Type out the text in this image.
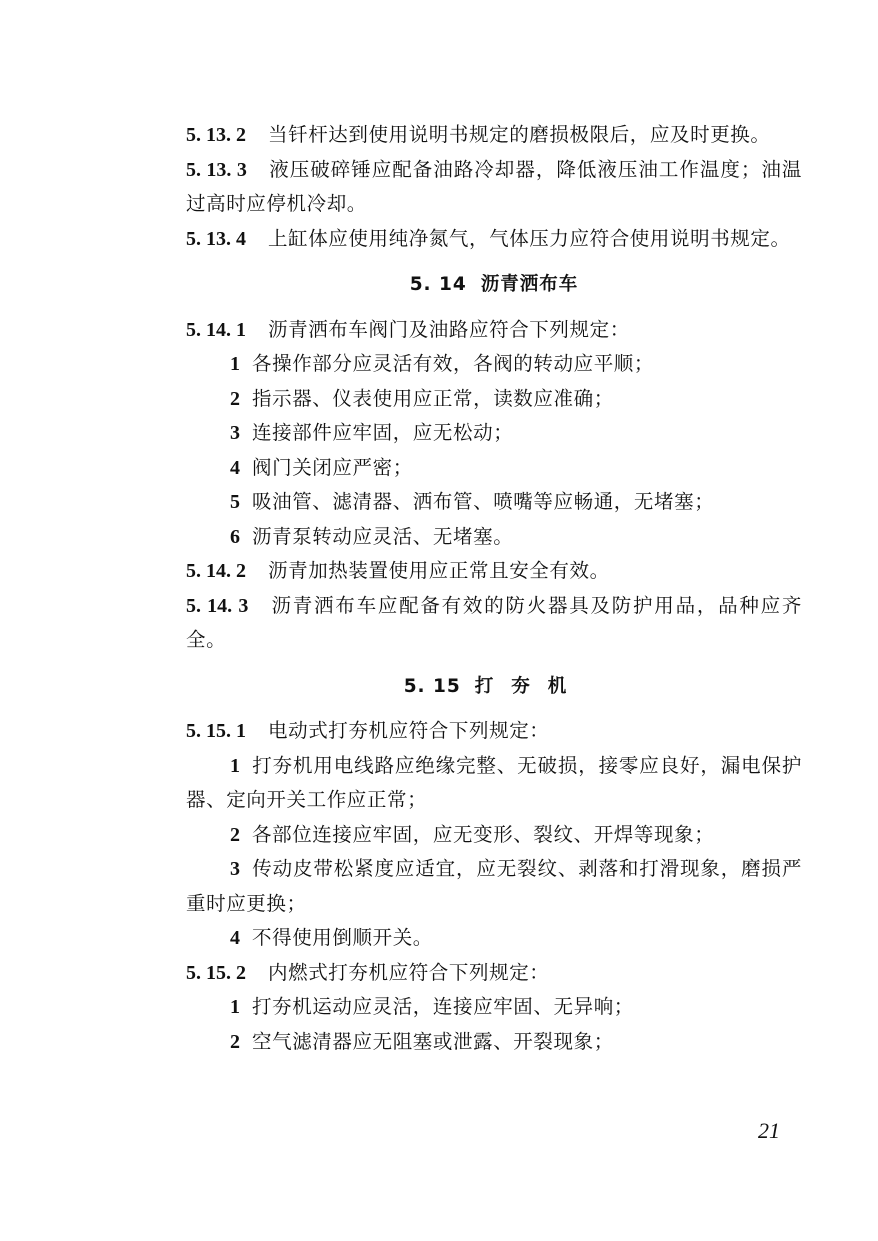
5. 13. 2 当钎杆达到使用说明书规定的磨损极限后，应及时更换。

5. 13. 3 液压破碎锤应配备油路冷却器，降低液压油工作温度；油温过高时应停机冷却。

5. 13. 4 上缸体应使用纯净氮气，气体压力应符合使用说明书规定。

5. 14 沥青洒布车

5. 14. 1 沥青洒布车阀门及油路应符合下列规定：

1 各操作部分应灵活有效，各阀的转动应平顺；

2 指示器、仪表使用应正常，读数应准确；

3 连接部件应牢固，应无松动；

4 阀门关闭应严密；

5 吸油管、滤清器、洒布管、喷嘴等应畅通，无堵塞；

6 沥青泵转动应灵活、无堵塞。

5. 14. 2 沥青加热装置使用应正常且安全有效。

5. 14. 3 沥青洒布车应配备有效的防火器具及防护用品，品种应齐全。

5. 15 打夯机

5. 15. 1 电动式打夯机应符合下列规定：

1 打夯机用电线路应绝缘完整、无破损，接零应良好，漏电保护器、定向开关工作应正常；

2 各部位连接应牢固，应无变形、裂纹、开焊等现象；

3 传动皮带松紧度应适宜，应无裂纹、剥落和打滑现象，磨损严重时应更换；

4 不得使用倒顺开关。

5. 15. 2 内燃式打夯机应符合下列规定：

1 打夯机运动应灵活，连接应牢固、无异响；

2 空气滤清器应无阻塞或泄露、开裂现象；

21
